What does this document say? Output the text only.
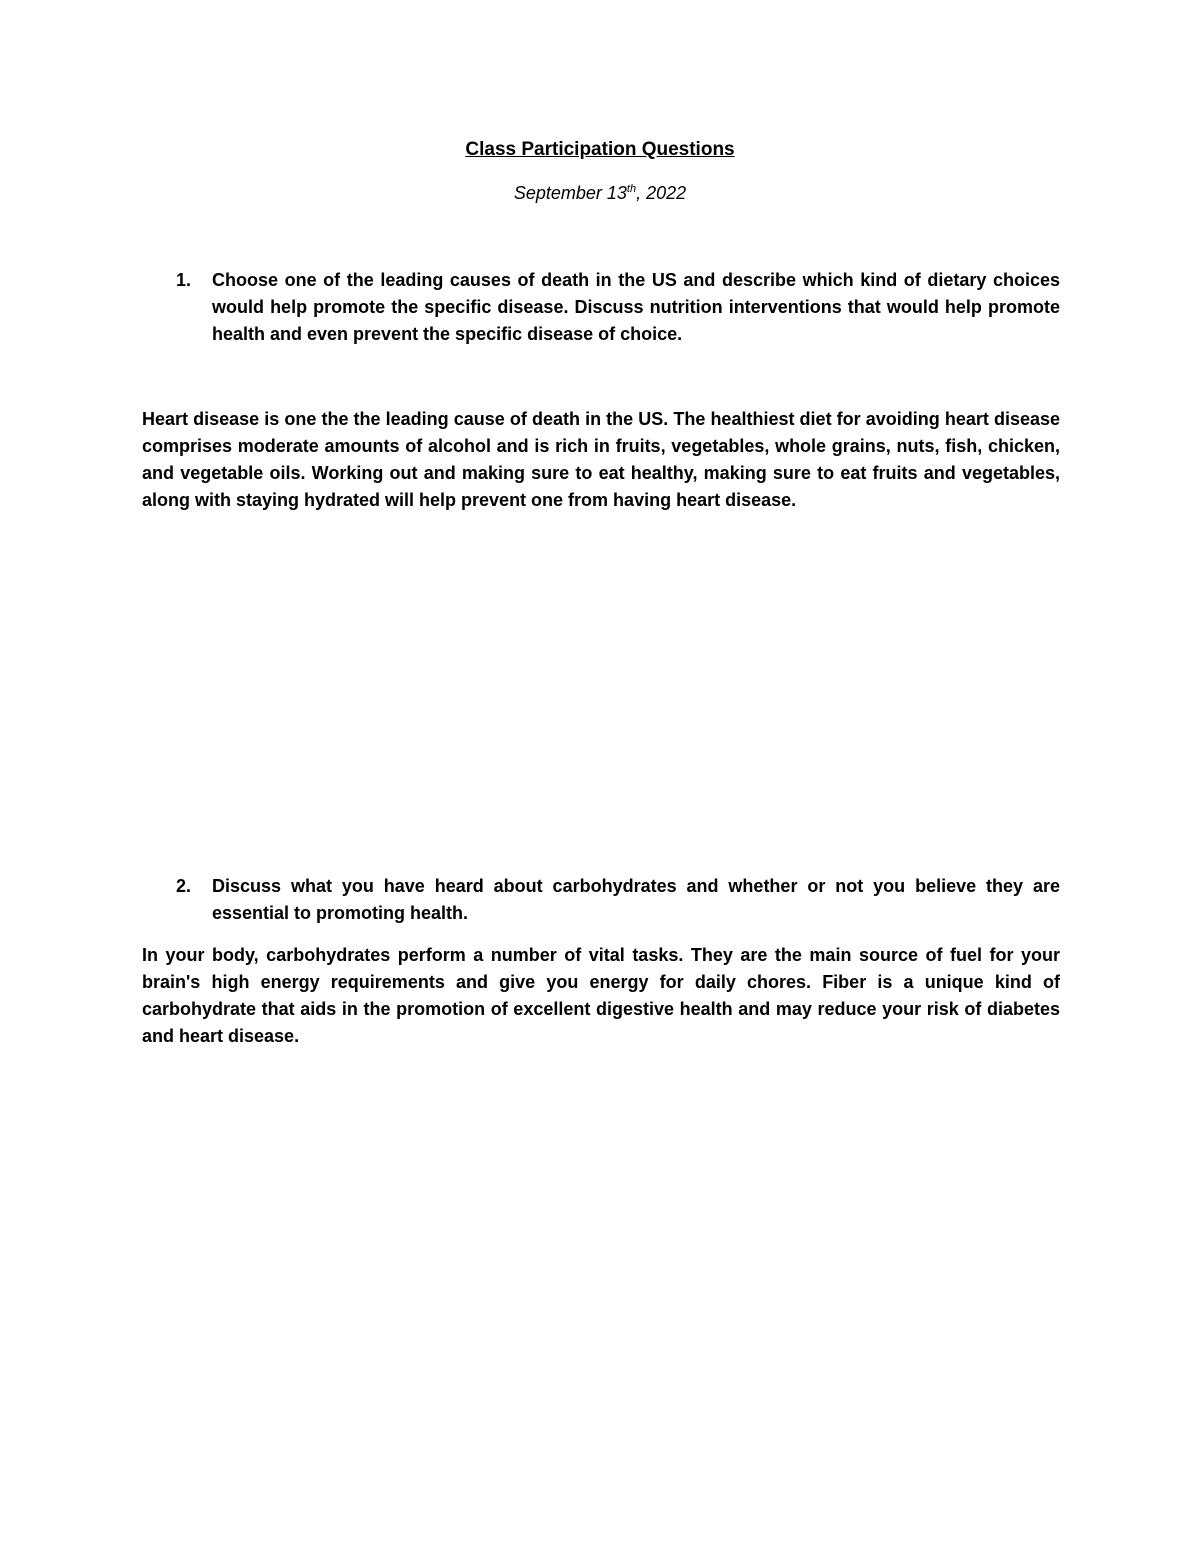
Class Participation Questions
September 13th, 2022
1. Choose one of the leading causes of death in the US and describe which kind of dietary choices would help promote the specific disease. Discuss nutrition interventions that would help promote health and even prevent the specific disease of choice.
Heart disease is one the the leading cause of death in the US. The healthiest diet for avoiding heart disease comprises moderate amounts of alcohol and is rich in fruits, vegetables, whole grains, nuts, fish, chicken, and vegetable oils. Working out and making sure to eat healthy, making sure to eat fruits and vegetables, along with staying hydrated will help prevent one from having heart disease.
2. Discuss what you have heard about carbohydrates and whether or not you believe they are essential to promoting health.
In your body, carbohydrates perform a number of vital tasks. They are the main source of fuel for your brain's high energy requirements and give you energy for daily chores. Fiber is a unique kind of carbohydrate that aids in the promotion of excellent digestive health and may reduce your risk of diabetes and heart disease.
